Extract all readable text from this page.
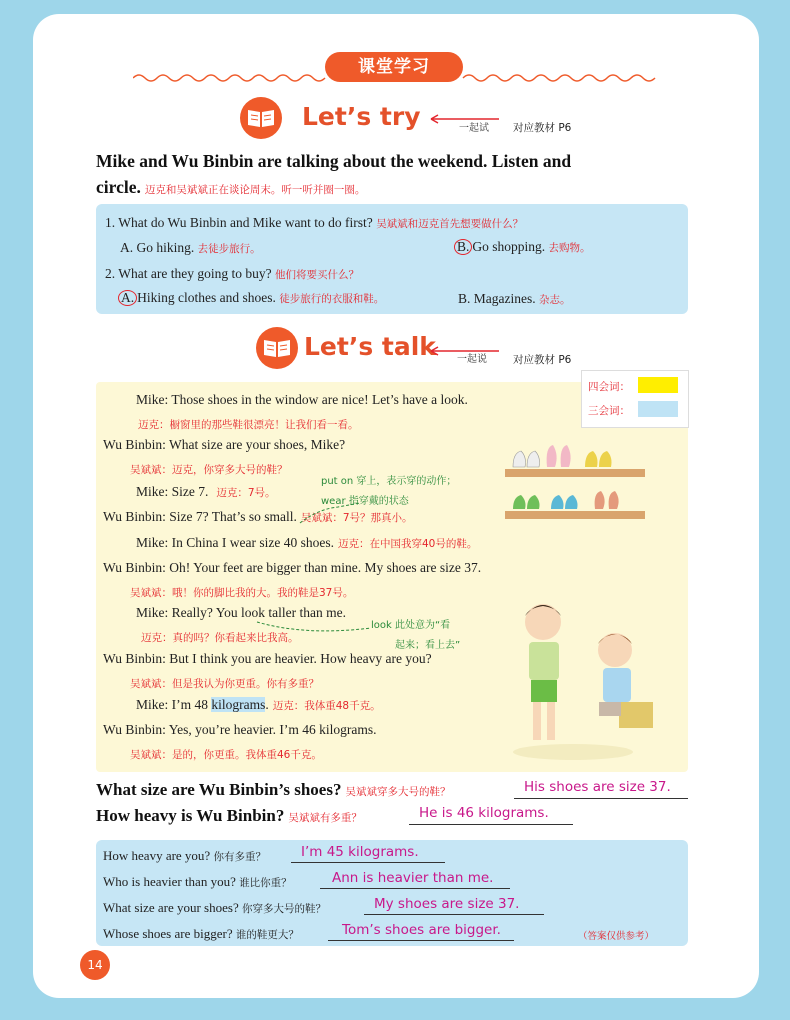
课堂学习
Let’s try	一起试 对应教材 P6
Mike and Wu Binbin are talking about the weekend. Listen and
circle. 迈克和吴斌斌正在谈论周末。听一听并圈一圈。
1. What do Wu Binbin and Mike want to do first? 吴斌斌和迈克首先想要做什么？
A. Go hiking. 去徒步旅行。	B. Go shopping. 去购物。
2. What are they going to buy? 他们将要买什么？
A. Hiking clothes and shoes. 徒步旅行的衣服和鞋。	B. Magazines. 杂志。
Let’s talk 一起说 对应教材 P6
四会词：
三会词：
Mike: Those shoes in the window are nice! Let’s have a look.
迈克：橱窗里的那些鞋很漂亮！让我们看一看。
Wu Binbin: What size are your shoes, Mike?
吴斌斌：迈克，你穿多大号的鞋？
Mike: Size 7. 迈克：7号。
Wu Binbin: Size 7? That’s so small. 吴斌斌：7号？那真小。
Mike: In China I wear size 40 shoes. 迈克：在中国我穿40号的鞋。
Wu Binbin: Oh! Your feet are bigger than mine. My shoes are size 37.
吴斌斌：哦！你的脚比我的大。我的鞋是37号。
Mike: Really? You look taller than me.
迈克：真的吗？你看起来比我高。
Wu Binbin: But I think you are heavier. How heavy are you?
吴斌斌：但是我认为你更重。你有多重？
Mike: I’m 48 kilograms. 迈克：我体重48千克。
Wu Binbin: Yes, you’re heavier. I’m 46 kilograms.
吴斌斌：是的，你更重。我体重46千克。
put on 穿上，表示穿的动作；
wear 指穿戴的状态
look 此处意为“看
起来；看上去”
What size are Wu Binbin’s shoes? 吴斌斌穿多大号的鞋？	His shoes are size 37.
How heavy is Wu Binbin? 吴斌斌有多重？	He is 46 kilograms.
How heavy are you? 你有多重？	I’m 45 kilograms.
Who is heavier than you? 谁比你重？	Ann is heavier than me.
What size are your shoes? 你穿多大号的鞋？	My shoes are size 37.
Whose shoes are bigger? 谁的鞋更大？	Tom’s shoes are bigger.	（答案仅供参考）
14
